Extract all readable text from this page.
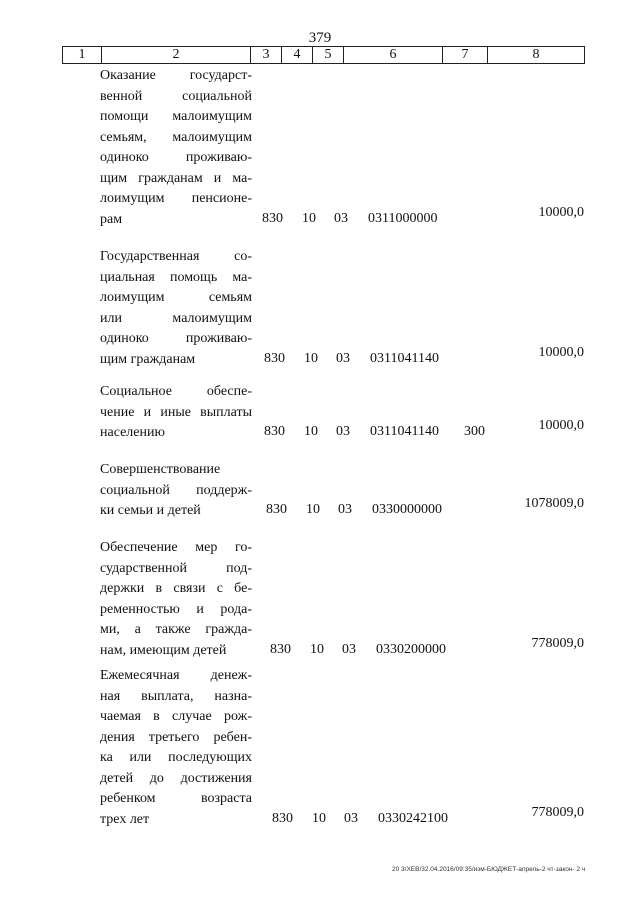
379
1	2	3	4	5	6	7	8
Оказание государст-
венной социальной
помощи малоимущим
семьям, малоимущим
одиноко проживаю-
щим гражданам и ма-
лоимущим пенсионе-
рам	830 10 03 0311000000	10000,0
Государственная со-
циальная помощь ма-
лоимущим семьям
или малоимущим
одиноко проживаю-
щим гражданам	830 10 03 0311041140	10000,0
Социальное обеспе-
чение и иные выплаты
населению	830 10 03 0311041140 300	10000,0
Совершенствование
социальной поддерж-
ки семьи и детей	830 10 03 0330000000	1078009,0
Обеспечение мер го-
сударственной под-
держки в связи с бе-
ременностью и рода-
ми, а также гражда-
нам, имеющим детей	830 10 03 0330200000	778009,0
Ежемесячная денеж-
ная выплата, назна-
чаемая в случае рож-
дения третьего ребен-
ка или последующих
детей до достижения
ребенком возраста
трех лет	830 10 03 0330242100	778009,0
20 3/ХЕВ/32.04.2016/09:35/изм-БЮДЖЕТ-апрель-2 чт-закон- 2 ч
